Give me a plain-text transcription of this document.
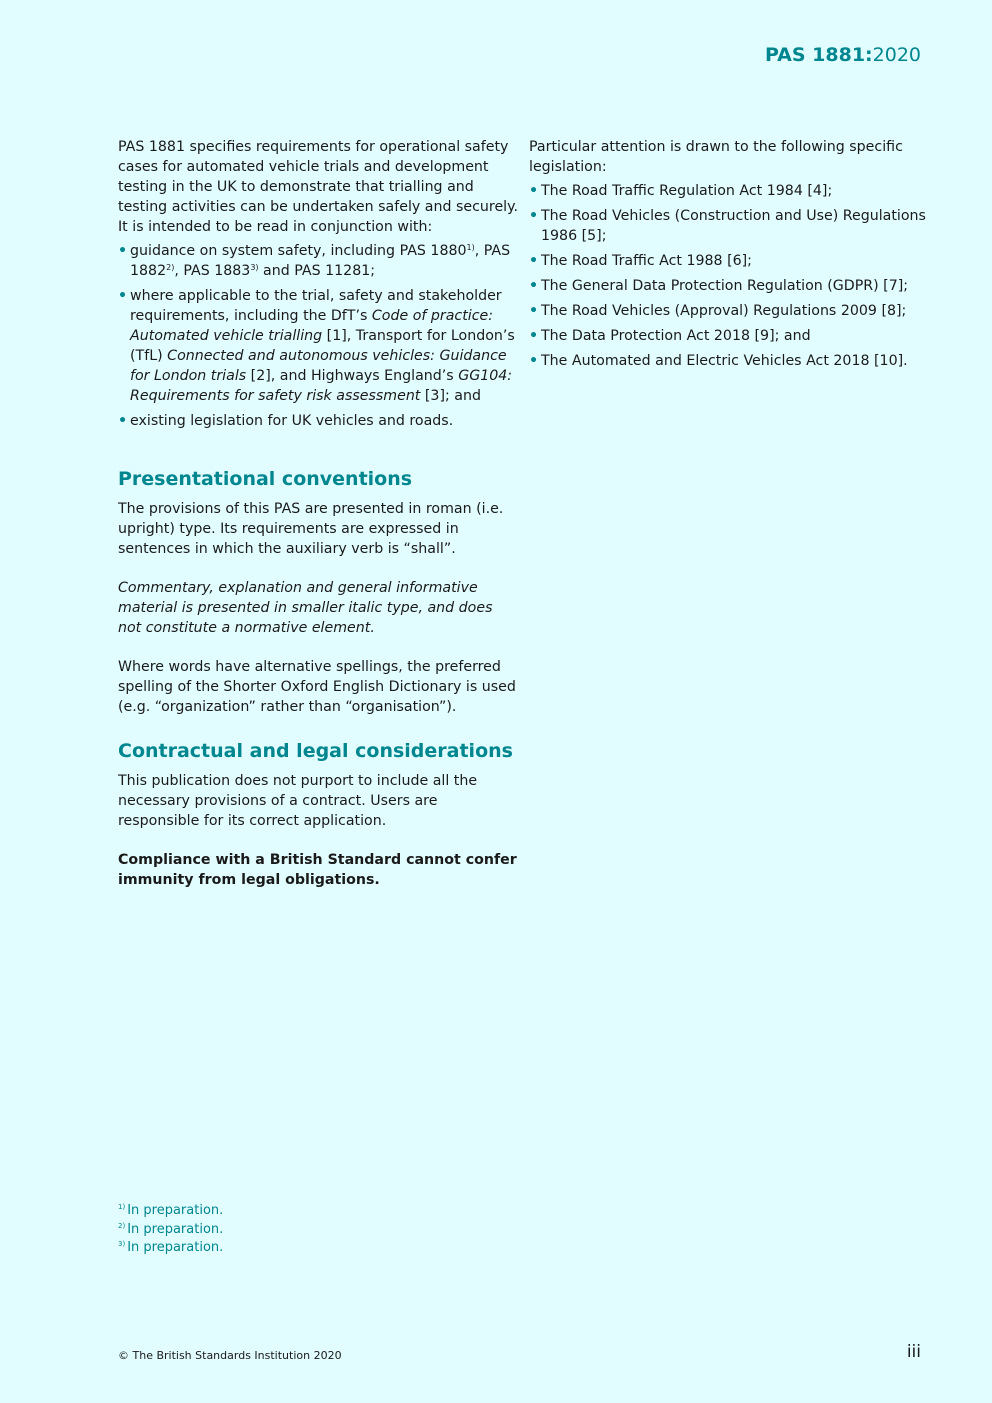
PAS 1881:2020

PAS 1881 specifies requirements for operational safety cases for automated vehicle trials and development testing in the UK to demonstrate that trialling and testing activities can be undertaken safely and securely. It is intended to be read in conjunction with:

• guidance on system safety, including PAS 1880$^{1)}$, PAS 1882$^{2)}$, PAS 1883$^{3)}$ and PAS 11281;
• where applicable to the trial, safety and stakeholder requirements, including the DfT’s Code of practice: Automated vehicle trialling [1], Transport for London’s (TfL) Connected and autonomous vehicles: Guidance for London trials [2], and Highways England’s GG104: Requirements for safety risk assessment [3]; and
• existing legislation for UK vehicles and roads.
Presentational conventions

The provisions of this PAS are presented in roman (i.e. upright) type. Its requirements are expressed in sentences in which the auxiliary verb is “shall”.

Commentary, explanation and general informative material is presented in smaller italic type, and does not constitute a normative element.

Where words have alternative spellings, the preferred spelling of the Shorter Oxford English Dictionary is used (e.g. “organization” rather than “organisation”).

Contractual and legal considerations

This publication does not purport to include all the necessary provisions of a contract. Users are responsible for its correct application.

Compliance with a British Standard cannot confer immunity from legal obligations.

Particular attention is drawn to the following specific legislation:

• The Road Traffic Regulation Act 1984 [4];
• The Road Vehicles (Construction and Use) Regulations 1986 [5];
• The Road Traffic Act 1988 [6];
• The General Data Protection Regulation (GDPR) [7];
• The Road Vehicles (Approval) Regulations 2009 [8];
• The Data Protection Act 2018 [9]; and
• The Automated and Electric Vehicles Act 2018 [10].
$^{1)}$ In preparation.
$^{2)}$ In preparation.
$^{3)}$ In preparation.
© The British Standards Institution 2020	iii
